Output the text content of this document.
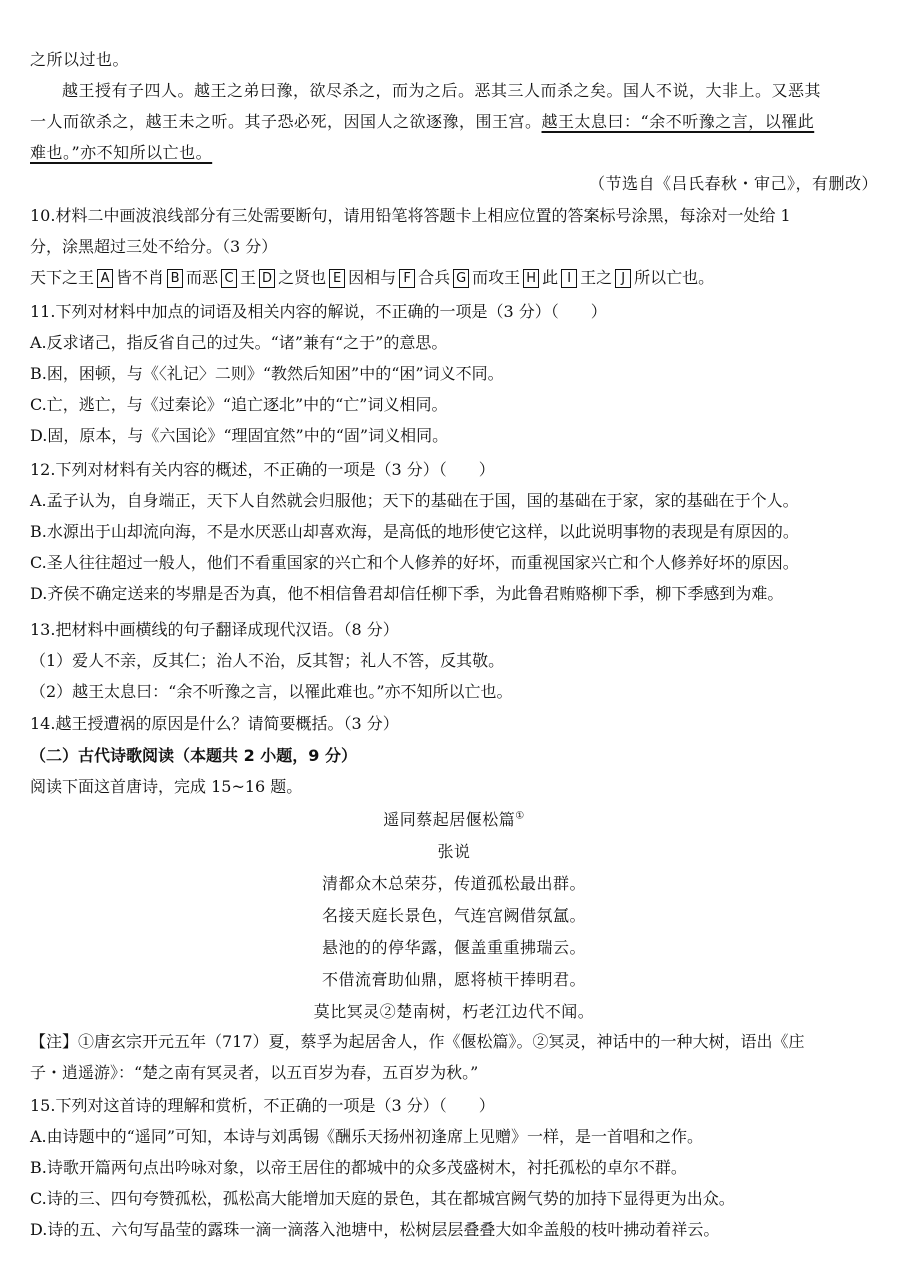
之所以过也。
越王授有子四人。越王之弟曰豫，欲尽杀之，而为之后。恶其三人而杀之矣。国人不说，大非上。又恶其
一人而欲杀之，越王未之听。其子恐必死，因国人之欲逐豫，围王宫。越王太息曰：“余不听豫之言，以罹此
难也。”亦不知所以亡也。
（节选自《吕氏春秋・审己》，有删改）
10.材料二中画波浪线部分有三处需要断句，请用铅笔将答题卡上相应位置的答案标号涂黑，每涂对一处给 1
分，涂黑超过三处不给分。（3 分）
天下之王 A 皆不肖 B 而恶 C 王 D 之贤也 E 因相与 F 合兵 G 而攻王 H 此 I 王之 J 所以亡也。
11.下列对材料中加点的词语及相关内容的解说，不正确的一项是（3 分）（　　）
A.反求诸己，指反省自己的过失。“诸”兼有“之于”的意思。
B.困，困顿，与《〈礼记〉二则》“教然后知困”中的“困”词义不同。
C.亡，逃亡，与《过秦论》“追亡逐北”中的“亡”词义相同。
D.固，原本，与《六国论》“理固宜然”中的“固”词义相同。
12.下列对材料有关内容的概述，不正确的一项是（3 分）（　　）
A.孟子认为，自身端正，天下人自然就会归服他；天下的基础在于国，国的基础在于家，家的基础在于个人。
B.水源出于山却流向海，不是水厌恶山却喜欢海，是高低的地形使它这样，以此说明事物的表现是有原因的。
C.圣人往往超过一般人，他们不看重国家的兴亡和个人修养的好坏，而重视国家兴亡和个人修养好坏的原因。
D.齐侯不确定送来的岑鼎是否为真，他不相信鲁君却信任柳下季，为此鲁君贿赂柳下季，柳下季感到为难。
13.把材料中画横线的句子翻译成现代汉语。（8 分）
（1）爱人不亲，反其仁；治人不治，反其智；礼人不答，反其敬。
（2）越王太息曰：“余不听豫之言，以罹此难也。”亦不知所以亡也。
14.越王授遭祸的原因是什么？请简要概括。（3 分）
（二）古代诗歌阅读（本题共 2 小题，9 分）
阅读下面这首唐诗，完成 15~16 题。
遥同蔡起居偃松篇①
张说
清都众木总荣芬，传道孤松最出群。
名接天庭长景色，气连宫阙借氛氲。
悬池的的停华露，偃盖重重拂瑞云。
不借流膏助仙鼎，愿将桢干捧明君。
莫比冥灵②楚南树，朽老江边代不闻。
【注】①唐玄宗开元五年（717）夏，蔡孚为起居舍人，作《偃松篇》。②冥灵，神话中的一种大树，语出《庄
子・逍遥游》：“楚之南有冥灵者，以五百岁为春，五百岁为秋。”
15.下列对这首诗的理解和赏析，不正确的一项是（3 分）（　　）
A.由诗题中的“遥同”可知，本诗与刘禹锡《酬乐天扬州初逢席上见赠》一样，是一首唱和之作。
B.诗歌开篇两句点出吟咏对象，以帝王居住的都城中的众多茂盛树木，衬托孤松的卓尔不群。
C.诗的三、四句夸赞孤松，孤松高大能增加天庭的景色，其在都城宫阙气势的加持下显得更为出众。
D.诗的五、六句写晶莹的露珠一滴一滴落入池塘中，松树层层叠叠大如伞盖般的枝叶拂动着祥云。
